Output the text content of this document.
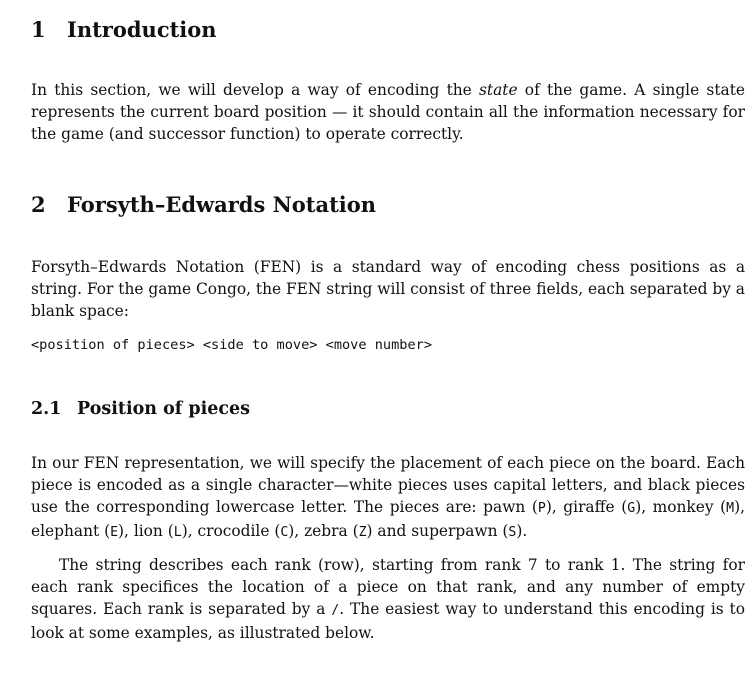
1 Introduction

In this section, we will develop a way of encoding the state of the game. A single state represents the current board position — it should contain all the information necessary for the game (and successor function) to operate correctly.

2 Forsyth–Edwards Notation

Forsyth–Edwards Notation (FEN) is a standard way of encoding chess positions as a string. For the game Congo, the FEN string will consist of three fields, each separated by a blank space:

<position of pieces> <side to move> <move number>
2.1 Position of pieces

In our FEN representation, we will specify the placement of each piece on the board. Each piece is encoded as a single character—white pieces uses capital letters, and black pieces use the corresponding lowercase letter. The pieces are: pawn (P), giraffe (G), monkey (M), elephant (E), lion (L), crocodile (C), zebra (Z) and superpawn (S).

The string describes each rank (row), starting from rank 7 to rank 1. The string for each rank specifices the location of a piece on that rank, and any number of empty squares. Each rank is separated by a /. The easiest way to understand this encoding is to look at some examples, as illustrated below.
